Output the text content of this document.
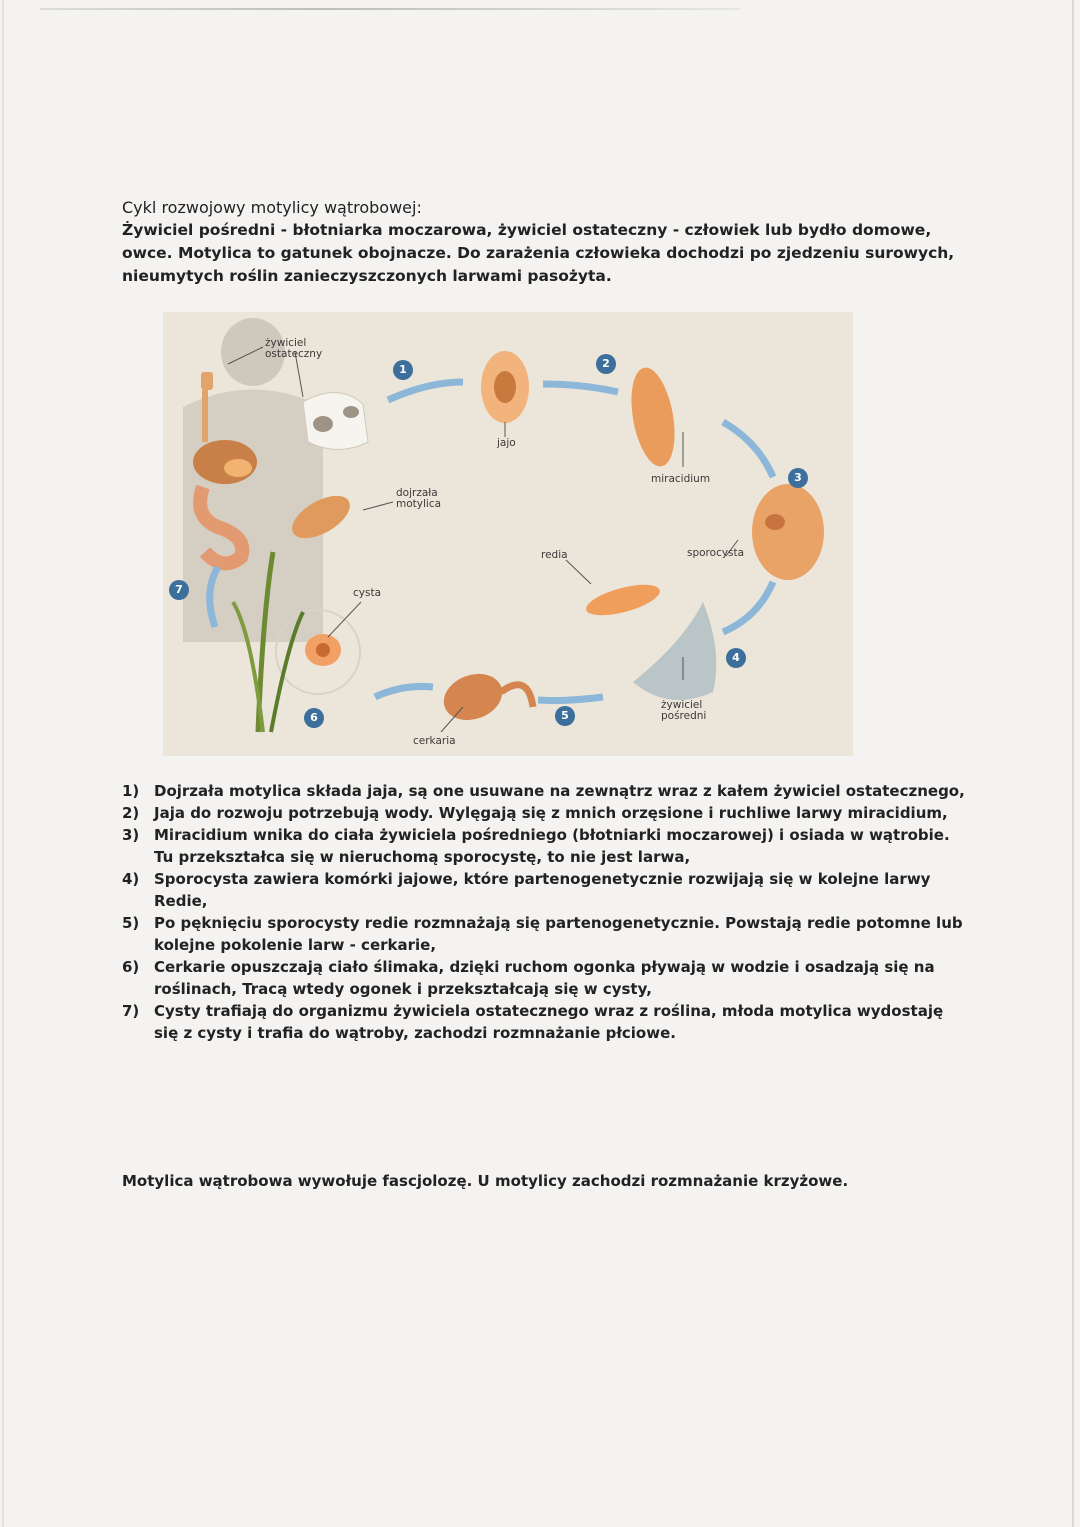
Cykl rozwojowy motylicy wątrobowej:

Żywiciel pośredni - błotniarka moczarowa, żywiciel ostateczny - człowiek lub bydło domowe, owce. Motylica to gatunek obojnacze. Do zarażenia człowieka dochodzi po zjedzeniu surowych, nieumytych roślin zanieczyszczonych larwami pasożyta.

żywiciel ostateczny
jajo
miracidium
dojrzała motylica
redia	sporocysta
cysta
żywiciel pośredni
cerkaria
1	2
3
4
5
6
7
1) Dojrzała motylica składa jaja, są one usuwane na zewnątrz wraz z kałem żywiciel ostatecznego,
2) Jaja do rozwoju potrzebują wody. Wylęgają się z mnich orzęsione i ruchliwe larwy miracidium,
3) Miracidium wnika do ciała żywiciela pośredniego (błotniarki moczarowej) i osiada w wątrobie. Tu przekształca się w nieruchomą sporocystę, to nie jest larwa,
4) Sporocysta zawiera komórki jajowe, które partenogenetycznie rozwijają się w kolejne larwy Redie,
5) Po pęknięciu sporocysty redie rozmnażają się partenogenetycznie. Powstają redie potomne lub kolejne pokolenie larw - cerkarie,
6) Cerkarie opuszczają ciało ślimaka, dzięki ruchom ogonka pływają w wodzie i osadzają się na roślinach, Tracą wtedy ogonek i przekształcają się w cysty,
7) Cysty trafiają do organizmu żywiciela ostatecznego wraz z roślina, młoda motylica wydostaję się z cysty i trafia do wątroby, zachodzi rozmnażanie płciowe.

Motylica wątrobowa wywołuje fascjolozę. U motylicy zachodzi rozmnażanie krzyżowe.
